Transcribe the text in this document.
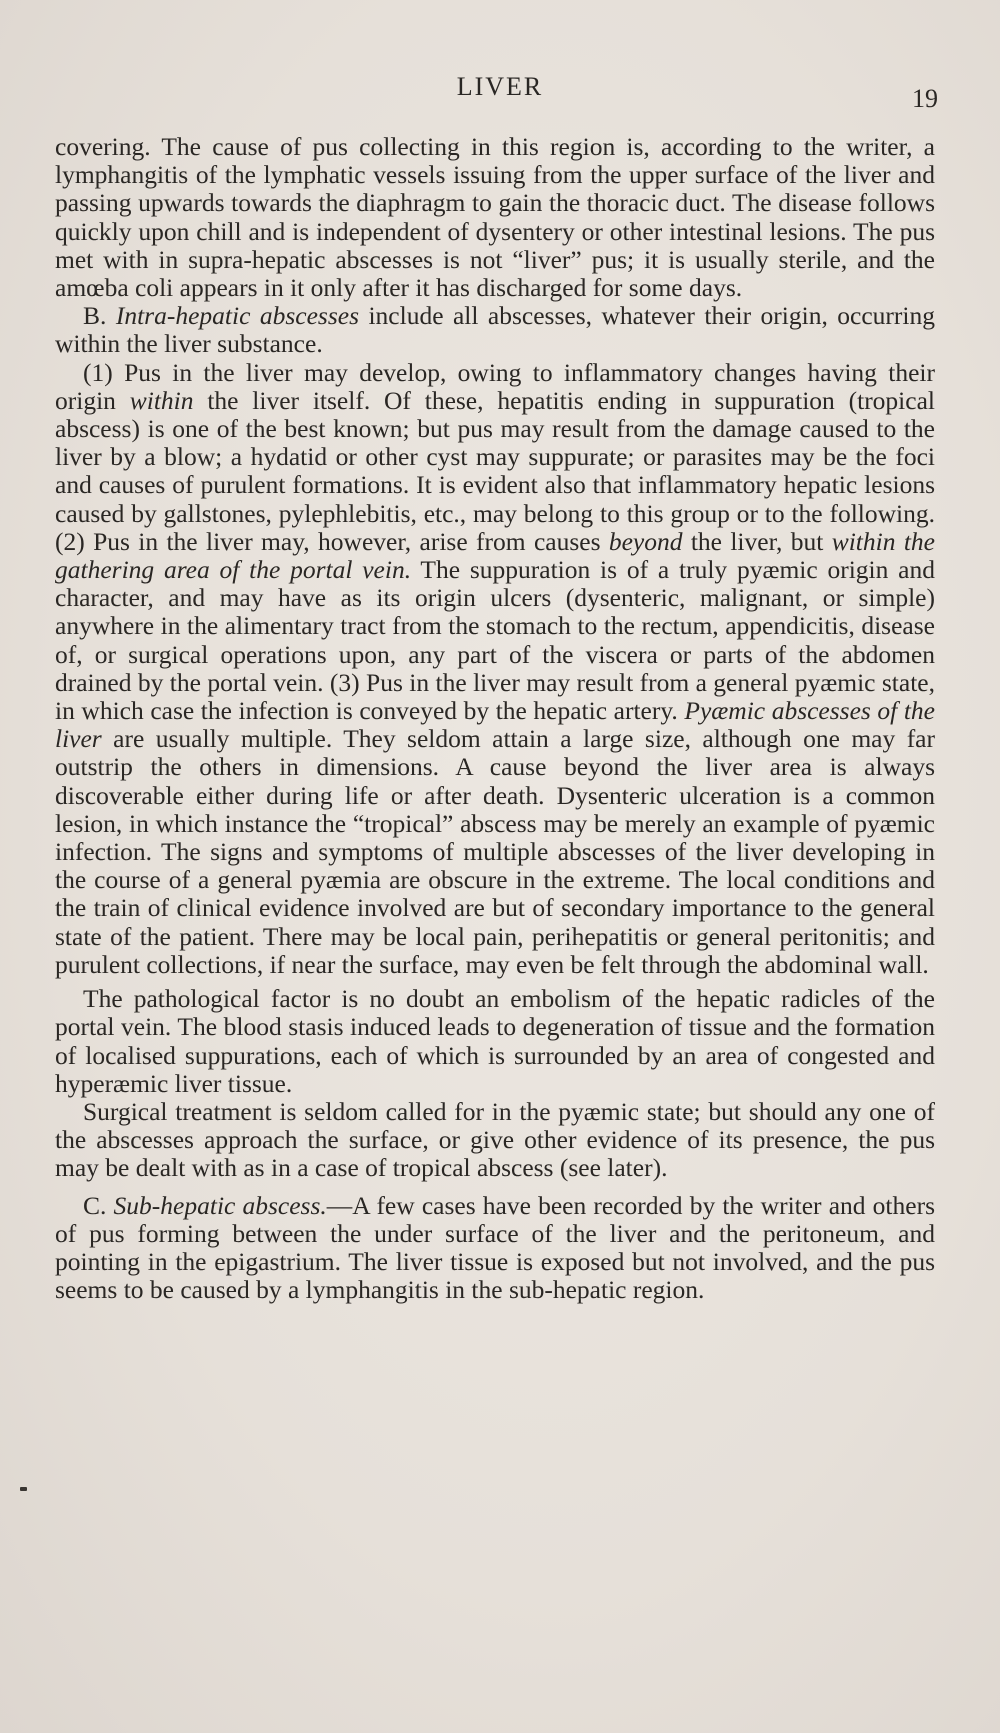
LIVER	19

covering. The cause of pus collecting in this region is, according to the writer, a lymphangitis of the lymphatic vessels issuing from the upper surface of the liver and passing upwards towards the diaphragm to gain the thoracic duct. The disease follows quickly upon chill and is independent of dysentery or other intestinal lesions. The pus met with in supra-hepatic abscesses is not “liver” pus; it is usually sterile, and the amœba coli appears in it only after it has discharged for some days.

B. Intra-hepatic abscesses include all abscesses, whatever their origin, occurring within the liver substance.

(1) Pus in the liver may develop, owing to inflammatory changes having their origin within the liver itself. Of these, hepatitis ending in suppuration (tropical abscess) is one of the best known; but pus may result from the damage caused to the liver by a blow; a hydatid or other cyst may suppurate; or parasites may be the foci and causes of purulent formations. It is evident also that inflammatory hepatic lesions caused by gallstones, pylephlebitis, etc., may belong to this group or to the following. (2) Pus in the liver may, however, arise from causes beyond the liver, but within the gathering area of the portal vein. The suppuration is of a truly pyæmic origin and character, and may have as its origin ulcers (dysenteric, malignant, or simple) anywhere in the alimentary tract from the stomach to the rectum, appendicitis, disease of, or surgical operations upon, any part of the viscera or parts of the abdomen drained by the portal vein. (3) Pus in the liver may result from a general pyæmic state, in which case the infection is conveyed by the hepatic artery. Pyæmic abscesses of the liver are usually multiple. They seldom attain a large size, although one may far outstrip the others in dimensions. A cause beyond the liver area is always discoverable either during life or after death. Dysenteric ulceration is a common lesion, in which instance the “tropical” abscess may be merely an example of pyæmic infection. The signs and symptoms of multiple abscesses of the liver developing in the course of a general pyæmia are obscure in the extreme. The local conditions and the train of clinical evidence involved are but of secondary importance to the general state of the patient. There may be local pain, perihepatitis or general peritonitis; and purulent collections, if near the surface, may even be felt through the abdominal wall.

The pathological factor is no doubt an embolism of the hepatic radicles of the portal vein. The blood stasis induced leads to degeneration of tissue and the formation of localised suppurations, each of which is surrounded by an area of congested and hyperæmic liver tissue.

Surgical treatment is seldom called for in the pyæmic state; but should any one of the abscesses approach the surface, or give other evidence of its presence, the pus may be dealt with as in a case of tropical abscess (see later).

C. Sub-hepatic abscess.—A few cases have been recorded by the writer and others of pus forming between the under surface of the liver and the peritoneum, and pointing in the epigastrium. The liver tissue is exposed but not involved, and the pus seems to be caused by a lymphangitis in the sub-hepatic region.
